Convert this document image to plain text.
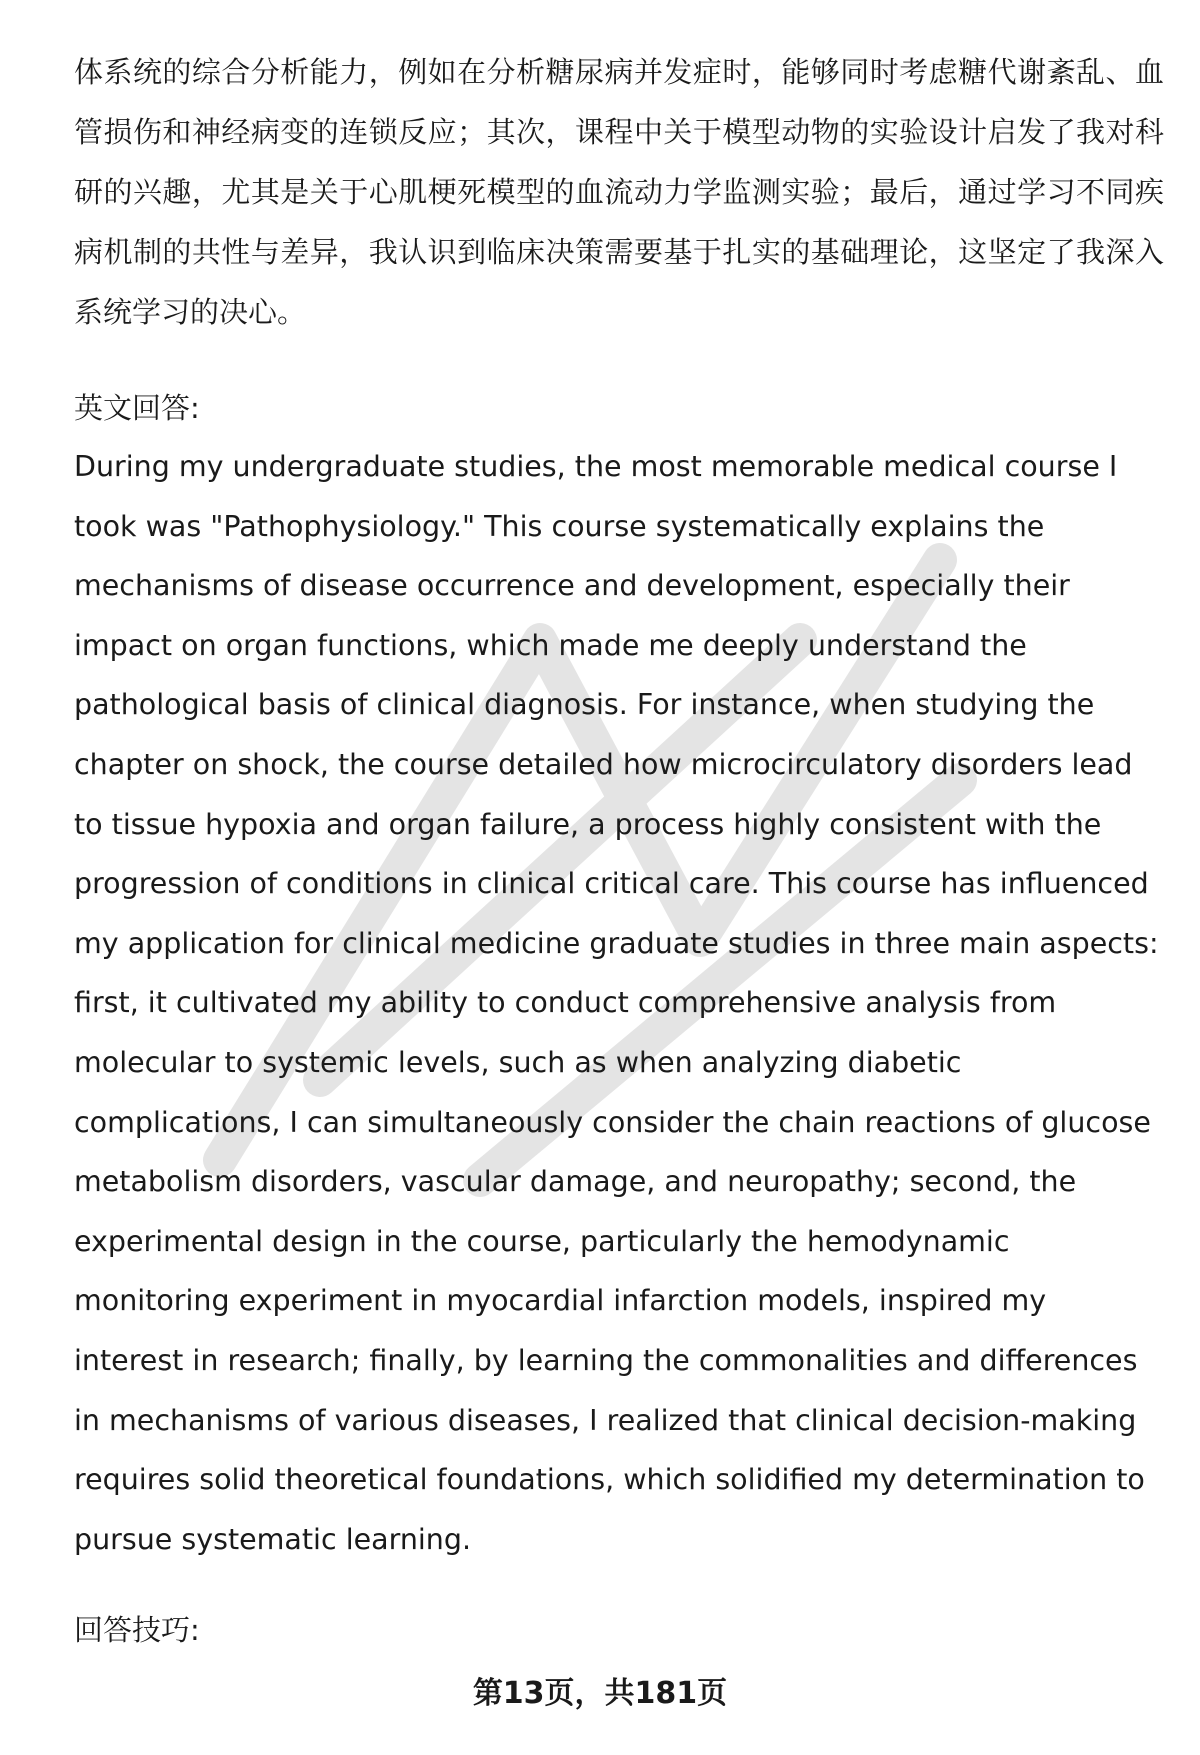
体系统的综合分析能力，例如在分析糖尿病并发症时，能够同时考虑糖代谢紊乱、血管损伤和神经病变的连锁反应；其次，课程中关于模型动物的实验设计启发了我对科研的兴趣，尤其是关于心肌梗死模型的血流动力学监测实验；最后，通过学习不同疾病机制的共性与差异，我认识到临床决策需要基于扎实的基础理论，这坚定了我深入系统学习的决心。
英文回答:
During my undergraduate studies, the most memorable medical course I took was "Pathophysiology." This course systematically explains the mechanisms of disease occurrence and development, especially their impact on organ functions, which made me deeply understand the pathological basis of clinical diagnosis. For instance, when studying the chapter on shock, the course detailed how microcirculatory disorders lead to tissue hypoxia and organ failure, a process highly consistent with the progression of conditions in clinical critical care. This course has influenced my application for clinical medicine graduate studies in three main aspects: first, it cultivated my ability to conduct comprehensive analysis from molecular to systemic levels, such as when analyzing diabetic complications, I can simultaneously consider the chain reactions of glucose metabolism disorders, vascular damage, and neuropathy; second, the experimental design in the course, particularly the hemodynamic monitoring experiment in myocardial infarction models, inspired my interest in research; finally, by learning the commonalities and differences in mechanisms of various diseases, I realized that clinical decision-making requires solid theoretical foundations, which solidified my determination to pursue systematic learning.
回答技巧:
第13页，共181页
